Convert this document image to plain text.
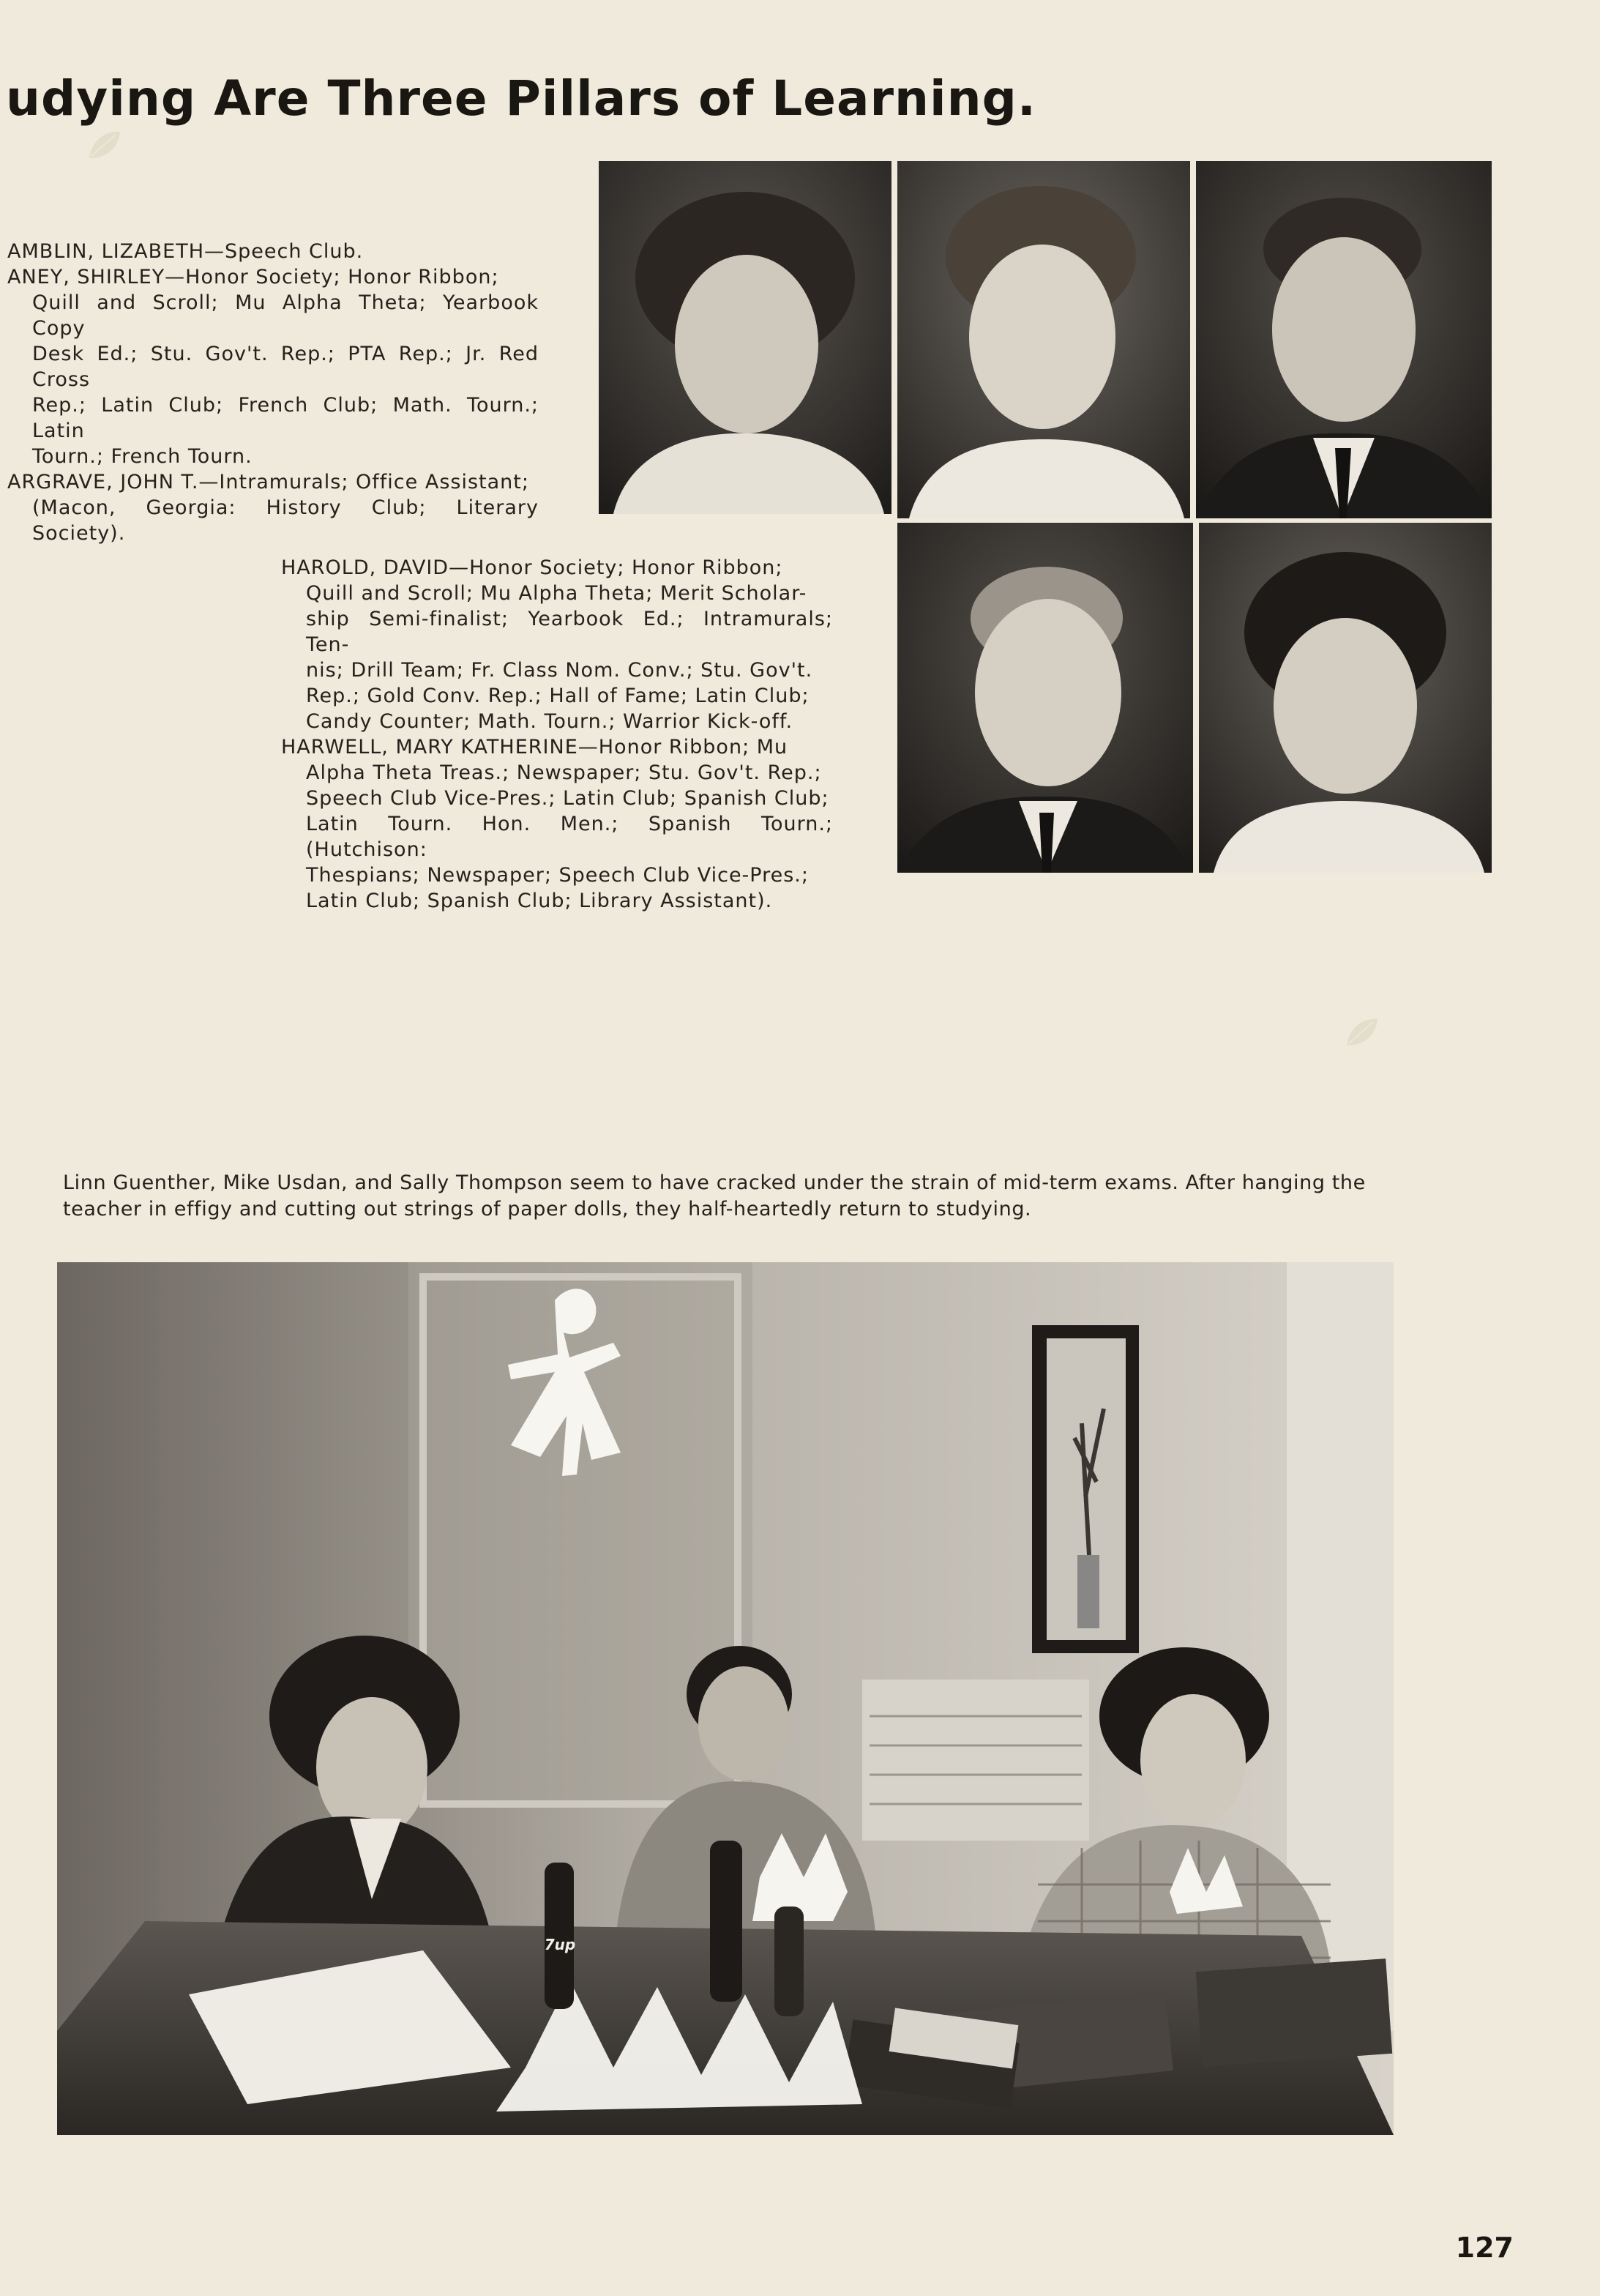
udying Are Three Pillars of Learning.

AMBLIN, LIZABETH—Speech Club.

ANEY, SHIRLEY—Honor Society; Honor Ribbon;

Quill and Scroll; Mu Alpha Theta; Yearbook Copy

Desk Ed.; Stu. Gov't. Rep.; PTA Rep.; Jr. Red Cross

Rep.; Latin Club; French Club; Math. Tourn.; Latin

Tourn.; French Tourn.

ARGRAVE, JOHN T.—Intramurals; Office Assistant;

(Macon, Georgia: History Club; Literary Society).

HAROLD, DAVID—Honor Society; Honor Ribbon;

Quill and Scroll; Mu Alpha Theta; Merit Scholar-

ship Semi-finalist; Yearbook Ed.; Intramurals; Ten-

nis; Drill Team; Fr. Class Nom. Conv.; Stu. Gov't.

Rep.; Gold Conv. Rep.; Hall of Fame; Latin Club;

Candy Counter; Math. Tourn.; Warrior Kick-off.

HARWELL, MARY KATHERINE—Honor Ribbon; Mu

Alpha Theta Treas.; Newspaper; Stu. Gov't. Rep.;

Speech Club Vice-Pres.; Latin Club; Spanish Club;

Latin Tourn. Hon. Men.; Spanish Tourn.; (Hutchison:

Thespians; Newspaper; Speech Club Vice-Pres.;

Latin Club; Spanish Club; Library Assistant).

Linn Guenther, Mike Usdan, and Sally Thompson seem to have cracked under the strain of mid-term exams. After hanging the
teacher in effigy and cutting out strings of paper dolls, they half-heartedly return to studying.
7up
127
